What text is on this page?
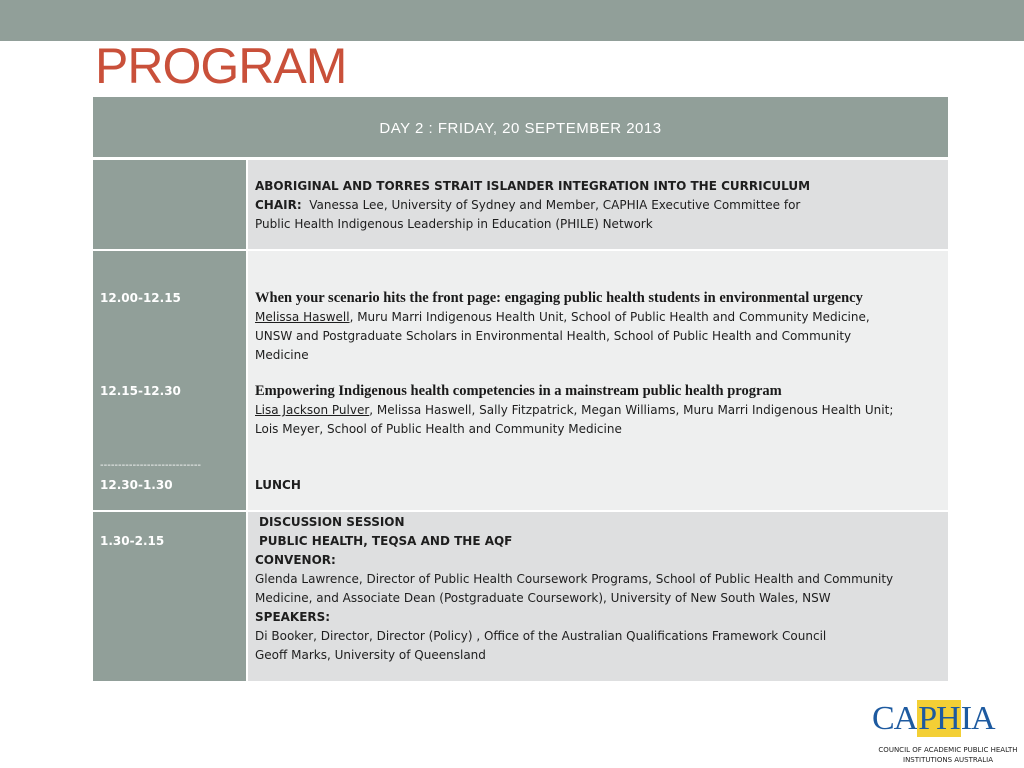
PROGRAM
DAY 2 : FRIDAY, 20 SEPTEMBER 2013
ABORIGINAL AND TORRES STRAIT ISLANDER INTEGRATION INTO THE CURRICULUM
CHAIR: Vanessa Lee, University of Sydney and Member, CAPHIA Executive Committee for
Public Health Indigenous Leadership in Education (PHILE) Network
12.00-12.15
12.15-12.30
----------------------------
12.30-1.30
When your scenario hits the front page: engaging public health students in environmental urgency
Melissa Haswell, Muru Marri Indigenous Health Unit, School of Public Health and Community Medicine,
UNSW and Postgraduate Scholars in Environmental Health, School of Public Health and Community
Medicine
Empowering Indigenous health competencies in a mainstream public health program
Lisa Jackson Pulver, Melissa Haswell, Sally Fitzpatrick, Megan Williams, Muru Marri Indigenous Health Unit;
Lois Meyer, School of Public Health and Community Medicine
LUNCH
1.30-2.15
DISCUSSION SESSION
PUBLIC HEALTH, TEQSA AND THE AQF
CONVENOR:
Glenda Lawrence, Director of Public Health Coursework Programs, School of Public Health and Community
Medicine, and Associate Dean (Postgraduate Coursework), University of New South Wales, NSW
SPEAKERS:
Di Booker, Director, Director (Policy) , Office of the Australian Qualifications Framework Council
Geoff Marks, University of Queensland
CAPHIA
COUNCIL OF ACADEMIC PUBLIC HEALTH
INSTITUTIONS AUSTRALIA
